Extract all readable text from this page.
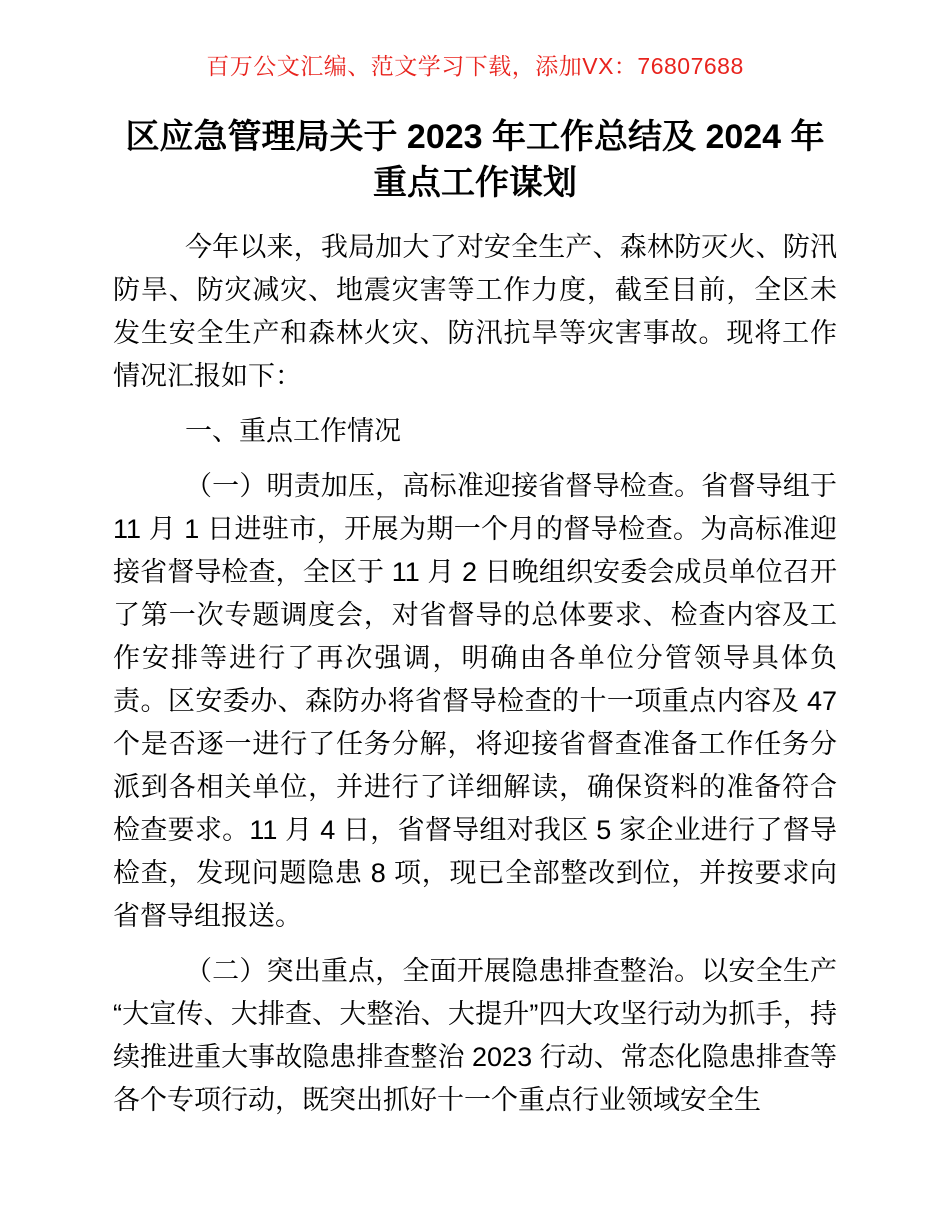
百万公文汇编、范文学习下载，添加VX：76807688
区应急管理局关于 2023 年工作总结及 2024 年
重点工作谋划

今年以来，我局加大了对安全生产、森林防灭火、防汛防旱、防灾减灾、地震灾害等工作力度，截至目前，全区未发生安全生产和森林火灾、防汛抗旱等灾害事故。现将工作情况汇报如下：

一、重点工作情况

（一）明责加压，高标准迎接省督导检查。省督导组于 11 月 1 日进驻市，开展为期一个月的督导检查。为高标准迎接省督导检查，全区于 11 月 2 日晚组织安委会成员单位召开了第一次专题调度会，对省督导的总体要求、检查内容及工作安排等进行了再次强调，明确由各单位分管领导具体负责。区安委办、森防办将省督导检查的十一项重点内容及 47 个是否逐一进行了任务分解，将迎接省督查准备工作任务分派到各相关单位，并进行了详细解读，确保资料的准备符合检查要求。11 月 4 日，省督导组对我区 5 家企业进行了督导检查，发现问题隐患 8 项，现已全部整改到位，并按要求向省督导组报送。

（二）突出重点，全面开展隐患排查整治。以安全生产“大宣传、大排查、大整治、大提升”四大攻坚行动为抓手，持续推进重大事故隐患排查整治 2023 行动、常态化隐患排查等各个专项行动，既突出抓好十一个重点行业领域安全生
